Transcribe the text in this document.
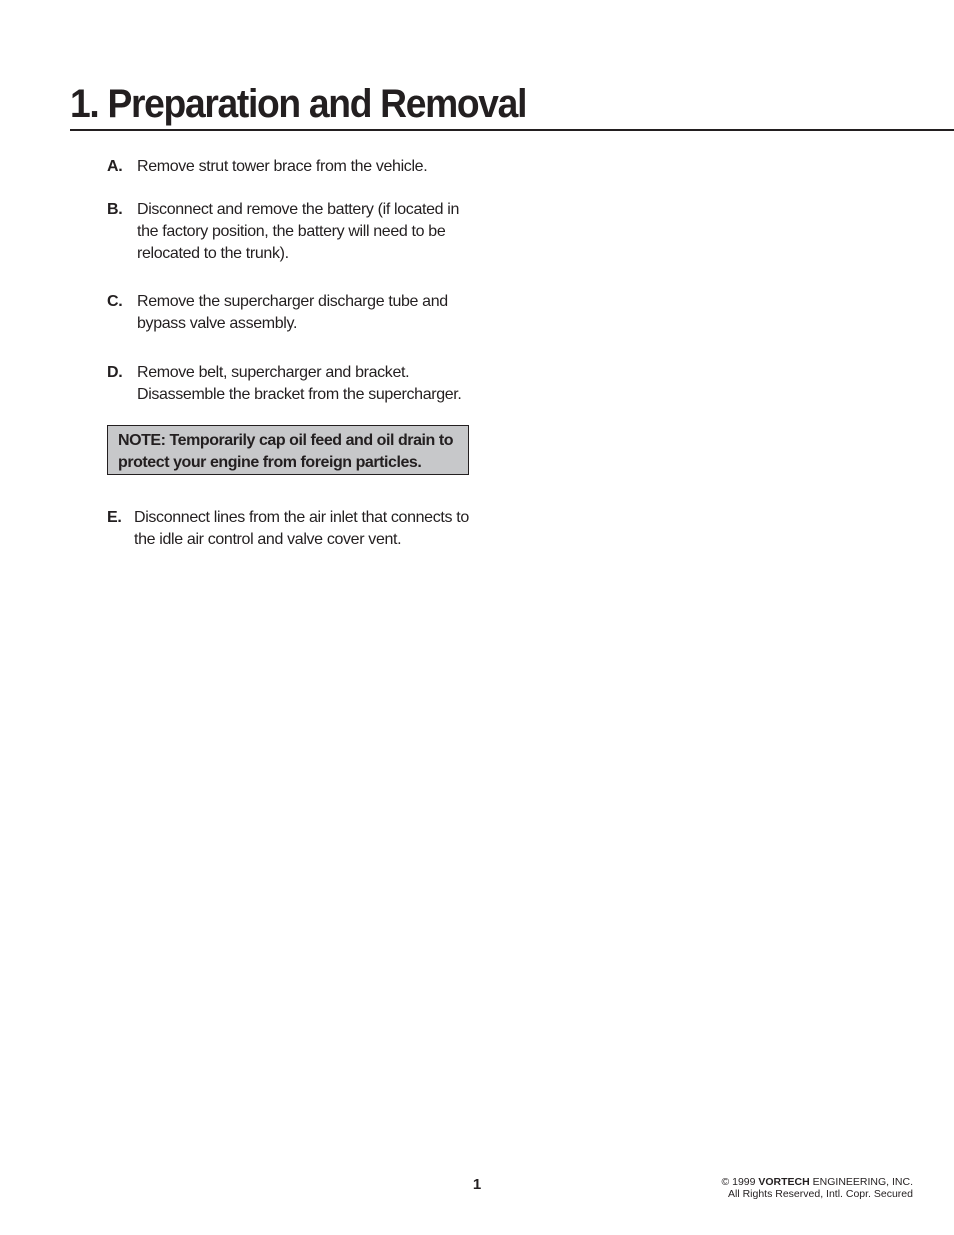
1. Preparation and Removal
A. Remove strut tower brace from the vehicle.
B. Disconnect and remove the battery (if located in the factory position, the battery will need to be relocated to the trunk).
C. Remove the supercharger discharge tube and bypass valve assembly.
D. Remove belt, supercharger and bracket. Disassemble the bracket from the supercharger.
E. Disconnect lines from the air inlet that connects to the idle air control and valve cover vent.
NOTE: Temporarily cap oil feed and oil drain to protect your engine from foreign particles.
1	© 1999 VORTECH ENGINEERING, INC.
All Rights Reserved, Intl. Copr. Secured
